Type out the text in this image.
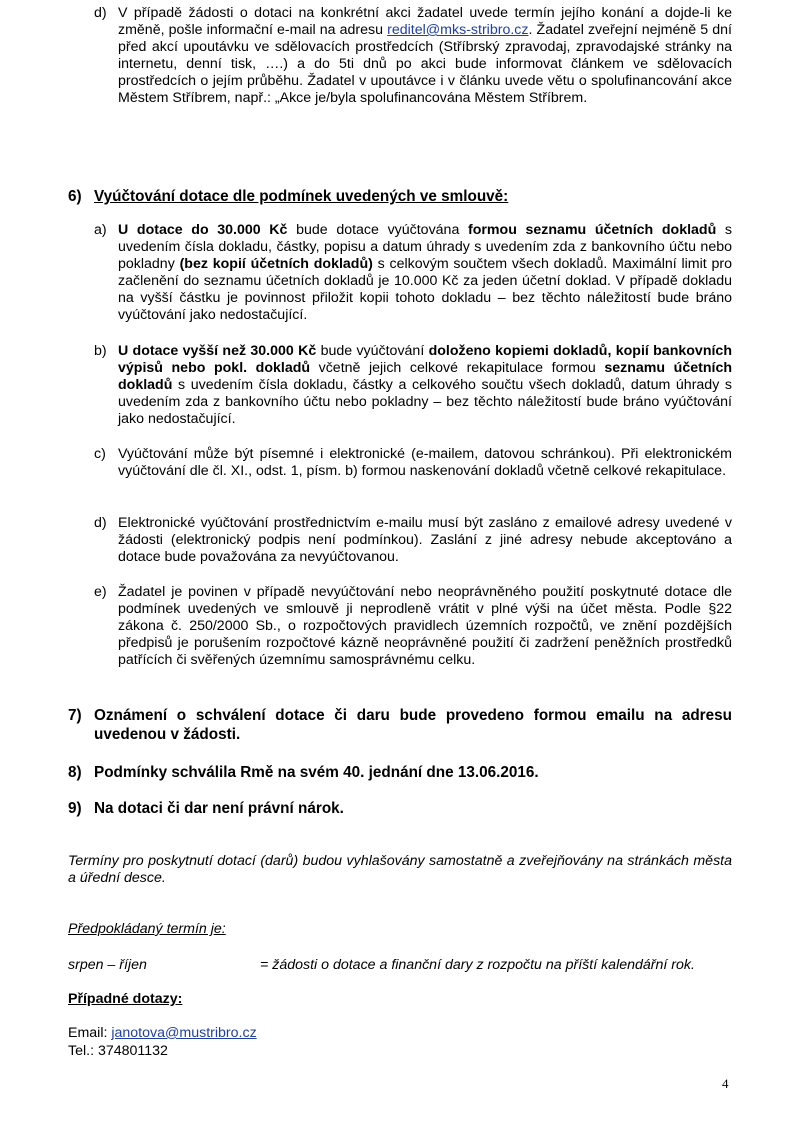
d) V případě žádosti o dotaci na konkrétní akci žadatel uvede termín jejího konání a dojde-li ke změně, pošle informační e-mail na adresu reditel@mks-stribro.cz. Žadatel zveřejní nejméně 5 dní před akcí upoutávku ve sdělovacích prostředcích (Stříbrský zpravodaj, zpravodajské stránky na internetu, denní tisk, ….) a do 5ti dnů po akci bude informovat článkem ve sdělovacích prostředcích o jejím průběhu. Žadatel v upoutávce i v článku uvede větu o spolufinancování akce Městem Stříbrem, např.: „Akce je/byla spolufinancována Městem Stříbrem.

6) Vyúčtování dotace dle podmínek uvedených ve smlouvě:
a) U dotace do 30.000 Kč bude dotace vyúčtována formou seznamu účetních dokladů s uvedením čísla dokladu, částky, popisu a datum úhrady s uvedením zda z bankovního účtu nebo pokladny (bez kopií účetních dokladů) s celkovým součtem všech dokladů. Maximální limit pro začlenění do seznamu účetních dokladů je 10.000 Kč za jeden účetní doklad. V případě dokladu na vyšší částku je povinnost přiložit kopii tohoto dokladu – bez těchto náležitostí bude bráno vyúčtování jako nedostačující.

b) U dotace vyšší než 30.000 Kč bude vyúčtování doloženo kopiemi dokladů, kopií bankovních výpisů nebo pokl. dokladů včetně jejich celkové rekapitulace formou seznamu účetních dokladů s uvedením čísla dokladu, částky a celkového součtu všech dokladů, datum úhrady s uvedením zda z bankovního účtu nebo pokladny – bez těchto náležitostí bude bráno vyúčtování jako nedostačující.

c) Vyúčtování může být písemné i elektronické (e-mailem, datovou schránkou). Při elektronickém vyúčtování dle čl. XI., odst. 1, písm. b) formou naskenování dokladů včetně celkové rekapitulace.

d) Elektronické vyúčtování prostřednictvím e-mailu musí být zasláno z emailové adresy uvedené v žádosti (elektronický podpis není podmínkou). Zaslání z jiné adresy nebude akceptováno a dotace bude považována za nevyúčtovanou.

e) Žadatel je povinen v případě nevyúčtování nebo neoprávněného použití poskytnuté dotace dle podmínek uvedených ve smlouvě ji neprodleně vrátit v plné výši na účet města. Podle §22 zákona č. 250/2000 Sb., o rozpočtových pravidlech územních rozpočtů, ve znění pozdějších předpisů je porušením rozpočtové kázně neoprávněné použití či zadržení peněžních prostředků patřících či svěřených územnímu samosprávnému celku.

7) Oznámení o schválení dotace či daru bude provedeno formou emailu na adresu uvedenou v žádosti.
8) Podmínky schválila Rmě na svém 40. jednání dne 13.06.2016.
9) Na dotaci či dar není právní nárok.

Termíny pro poskytnutí dotací (darů) budou vyhlašovány samostatně a zveřejňovány na stránkách města a úřední desce.

Předpokládaný termín je:

srpen – říjen	= žádosti o dotace a finanční dary z rozpočtu na příští kalendářní rok.

Případné dotazy:

Email: janotova@mustribro.cz

Tel.: 374801132

4
